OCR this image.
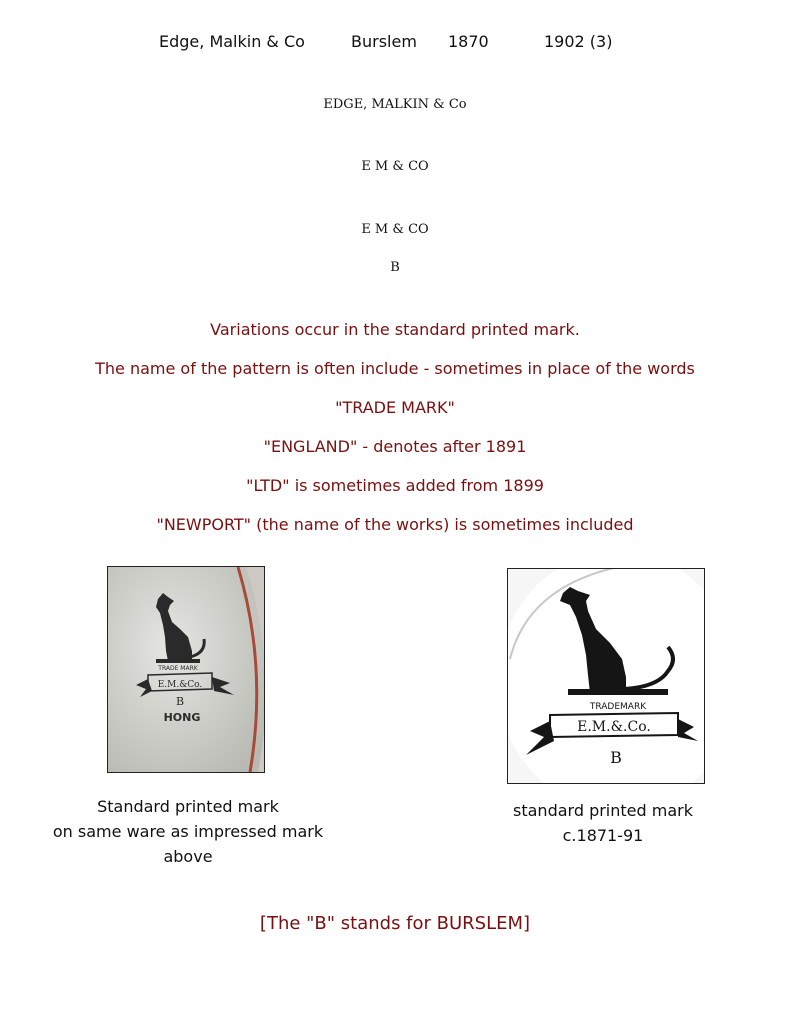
Edge, Malkin & Co	Burslem 1870	1902 (3)
EDGE, MALKIN & Co
E M & CO
E M & CO
B
Variations occur in the standard printed mark.
The name of the pattern is often include - sometimes in place of the words
"TRADE MARK"
"ENGLAND" - denotes after 1891
"LTD" is sometimes added from 1899
"NEWPORT" (the name of the works) is sometimes included
TRADE MARK
E.M.&Co.
B
HONG
TRADEMARK
E.M.&.Co.
B
Standard printed mark
on same ware as impressed mark
above
standard printed mark
c.1871-91
[The "B" stands for BURSLEM]
